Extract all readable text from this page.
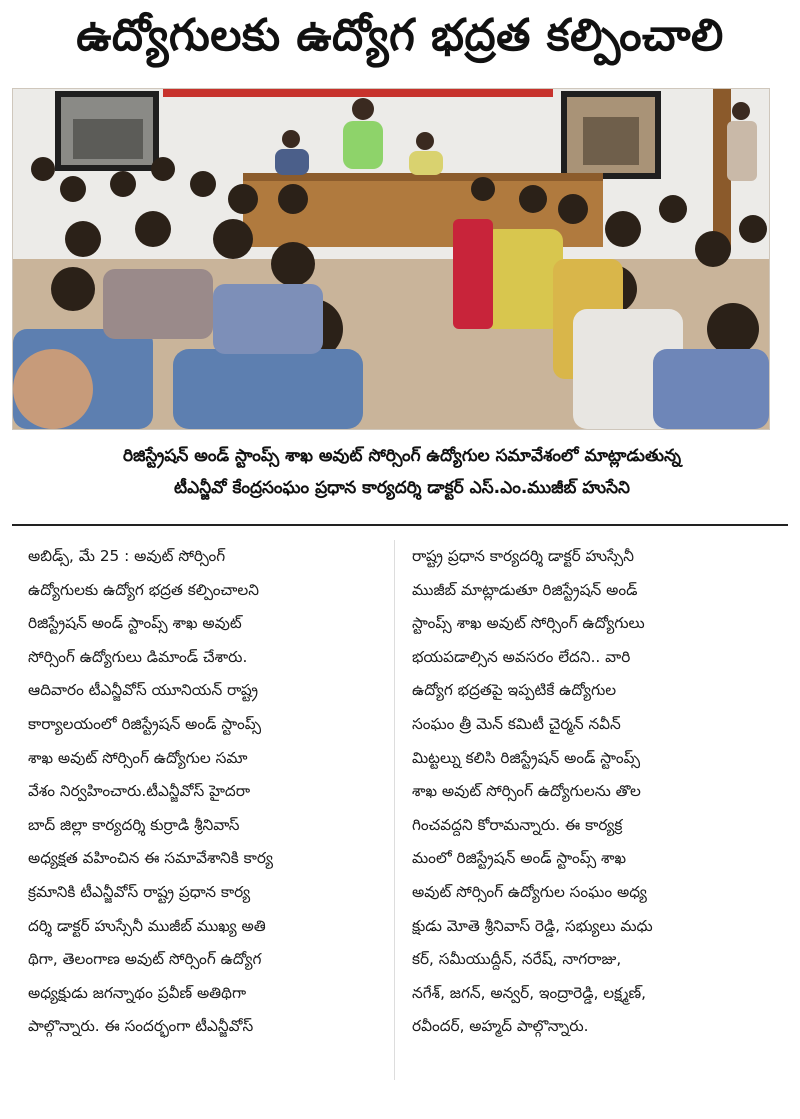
ఉద్యోగులకు ఉద్యోగ భద్రత కల్పించాలి
రిజిస్ట్రేషన్ అండ్ స్టాంప్స్ శాఖ అవుట్ సోర్సింగ్ ఉద్యోగుల సమావేశంలో మాట్లాడుతున్న
టీఎన్జీవో కేంద్రసంఘం ప్రధాన కార్యదర్శి డాక్టర్ ఎస్.ఎం.ముజీబ్ హుసేని
అబిడ్స్, మే 25 : అవుట్ సోర్సింగ్
ఉద్యోగులకు ఉద్యోగ భద్రత కల్పించాలని
రిజిస్ట్రేషన్ అండ్ స్టాంప్స్ శాఖ అవుట్
సోర్సింగ్ ఉద్యోగులు డిమాండ్ చేశారు.
ఆదివారం టీఎన్జీవోస్ యూనియన్ రాష్ట్ర
కార్యాలయంలో రిజిస్ట్రేషన్ అండ్ స్టాంప్స్
శాఖ అవుట్ సోర్సింగ్ ఉద్యోగుల సమా
వేశం నిర్వహించారు.టీఎన్జీవోస్ హైదరా
బాద్ జిల్లా కార్యదర్శి కుర్రాడి శ్రీనివాస్
అధ్యక్షత వహించిన ఈ సమావేశానికి కార్య
క్రమానికి టీఎన్జీవోస్ రాష్ట్ర ప్రధాన కార్య
దర్శి డాక్టర్ హుస్సేనీ ముజీబ్ ముఖ్య అతి
థిగా, తెలంగాణ అవుట్ సోర్సింగ్ ఉద్యోగ
అధ్యక్షుడు జగన్నాథం ప్రవీణ్ అతిథిగా
పాల్గొన్నారు. ఈ సందర్భంగా టీఎన్జీవోస్
రాష్ట్ర ప్రధాన కార్యదర్శి డాక్టర్ హుస్సేనీ
ముజీబ్ మాట్లాడుతూ రిజిస్ట్రేషన్ అండ్
స్టాంప్స్ శాఖ అవుట్ సోర్సింగ్ ఉద్యోగులు
భయపడాల్సిన అవసరం లేదని.. వారి
ఉద్యోగ భద్రతపై ఇప్పటికే ఉద్యోగుల
సంఘం త్రీ మెన్ కమిటీ చైర్మన్ నవీన్
మిట్టల్ను కలిసి రిజిస్ట్రేషన్ అండ్ స్టాంప్స్
శాఖ అవుట్ సోర్సింగ్ ఉద్యోగులను తొల
గించవద్దని కోరామన్నారు. ఈ కార్యక్ర
మంలో రిజిస్ట్రేషన్ అండ్ స్టాంప్స్ శాఖ
అవుట్ సోర్సింగ్ ఉద్యోగుల సంఘం అధ్య
క్షుడు మోతె శ్రీనివాస్ రెడ్డి, సభ్యులు మధు
కర్, సమీయుద్దీన్, నరేష్, నాగరాజు,
నగేశ్, జగన్, అన్వర్, ఇంద్రారెడ్డి, లక్ష్మణ్,
రవీందర్, అహ్మద్ పాల్గొన్నారు.
